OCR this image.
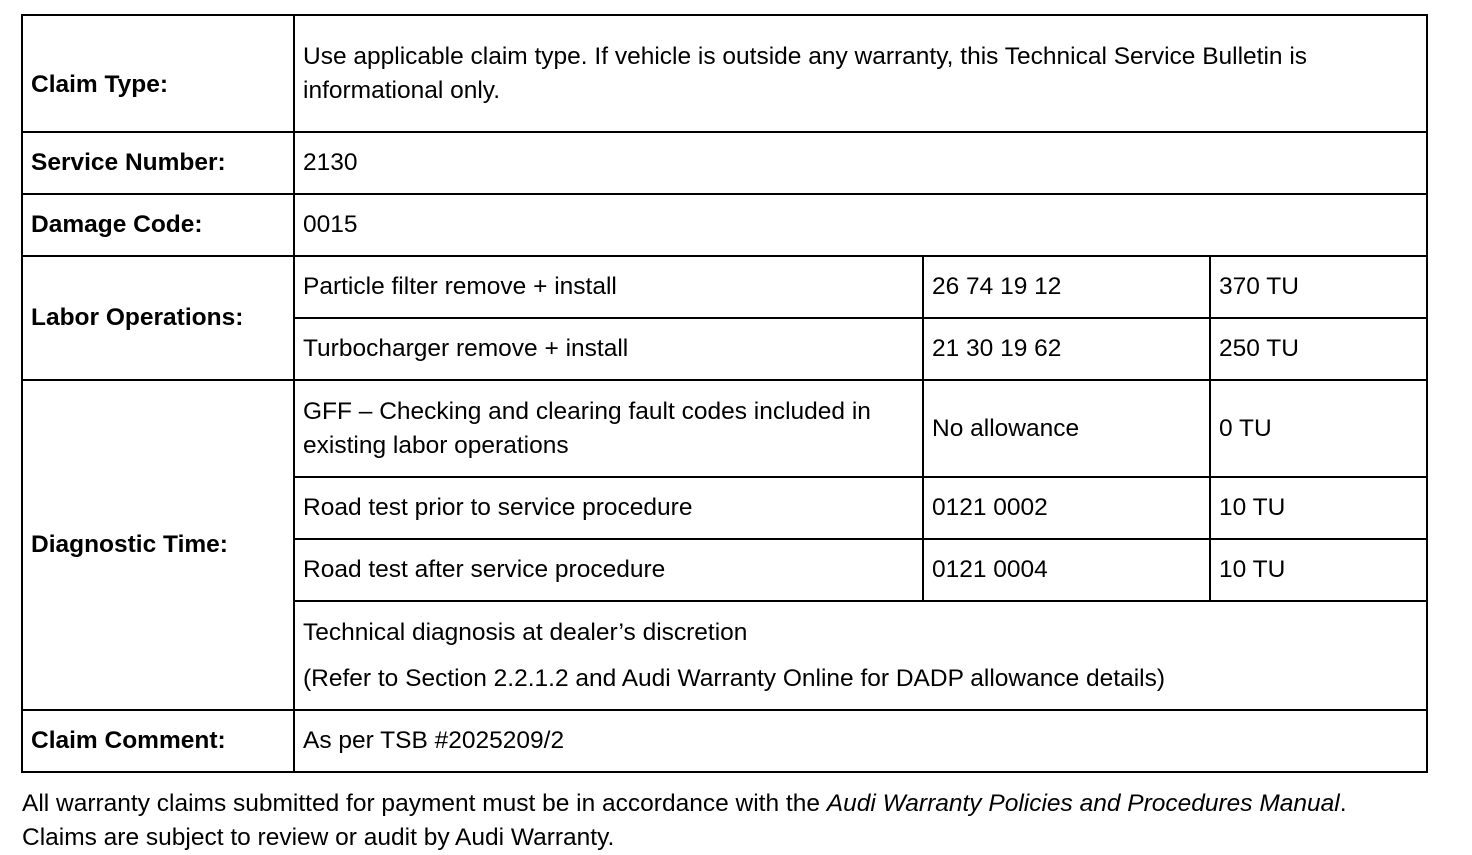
Claim Type:	Use applicable claim type. If vehicle is outside any warranty, this Technical Service Bulletin is informational only.		
Service Number:	2130		
Damage Code:	0015		
Labor Operations:	Particle filter remove + install	26 74 19 12	370 TU
	Turbocharger remove + install	21 30 19 62	250 TU
Diagnostic Time:	GFF – Checking and clearing fault codes included in existing labor operations	No allowance	0 TU
	Road test prior to service procedure	0121 0002	10 TU
	Road test after service procedure	0121 0004	10 TU

	Technical diagnosis at dealer’s discretion
(Refer to Section 2.2.1.2 and Audi Warranty Online for DADP allowance details)		

Claim Comment:	As per TSB #2025209/2		
All warranty claims submitted for payment must be in accordance with the Audi Warranty Policies and Procedures Manual. Claims are subject to review or audit by Audi Warranty.
